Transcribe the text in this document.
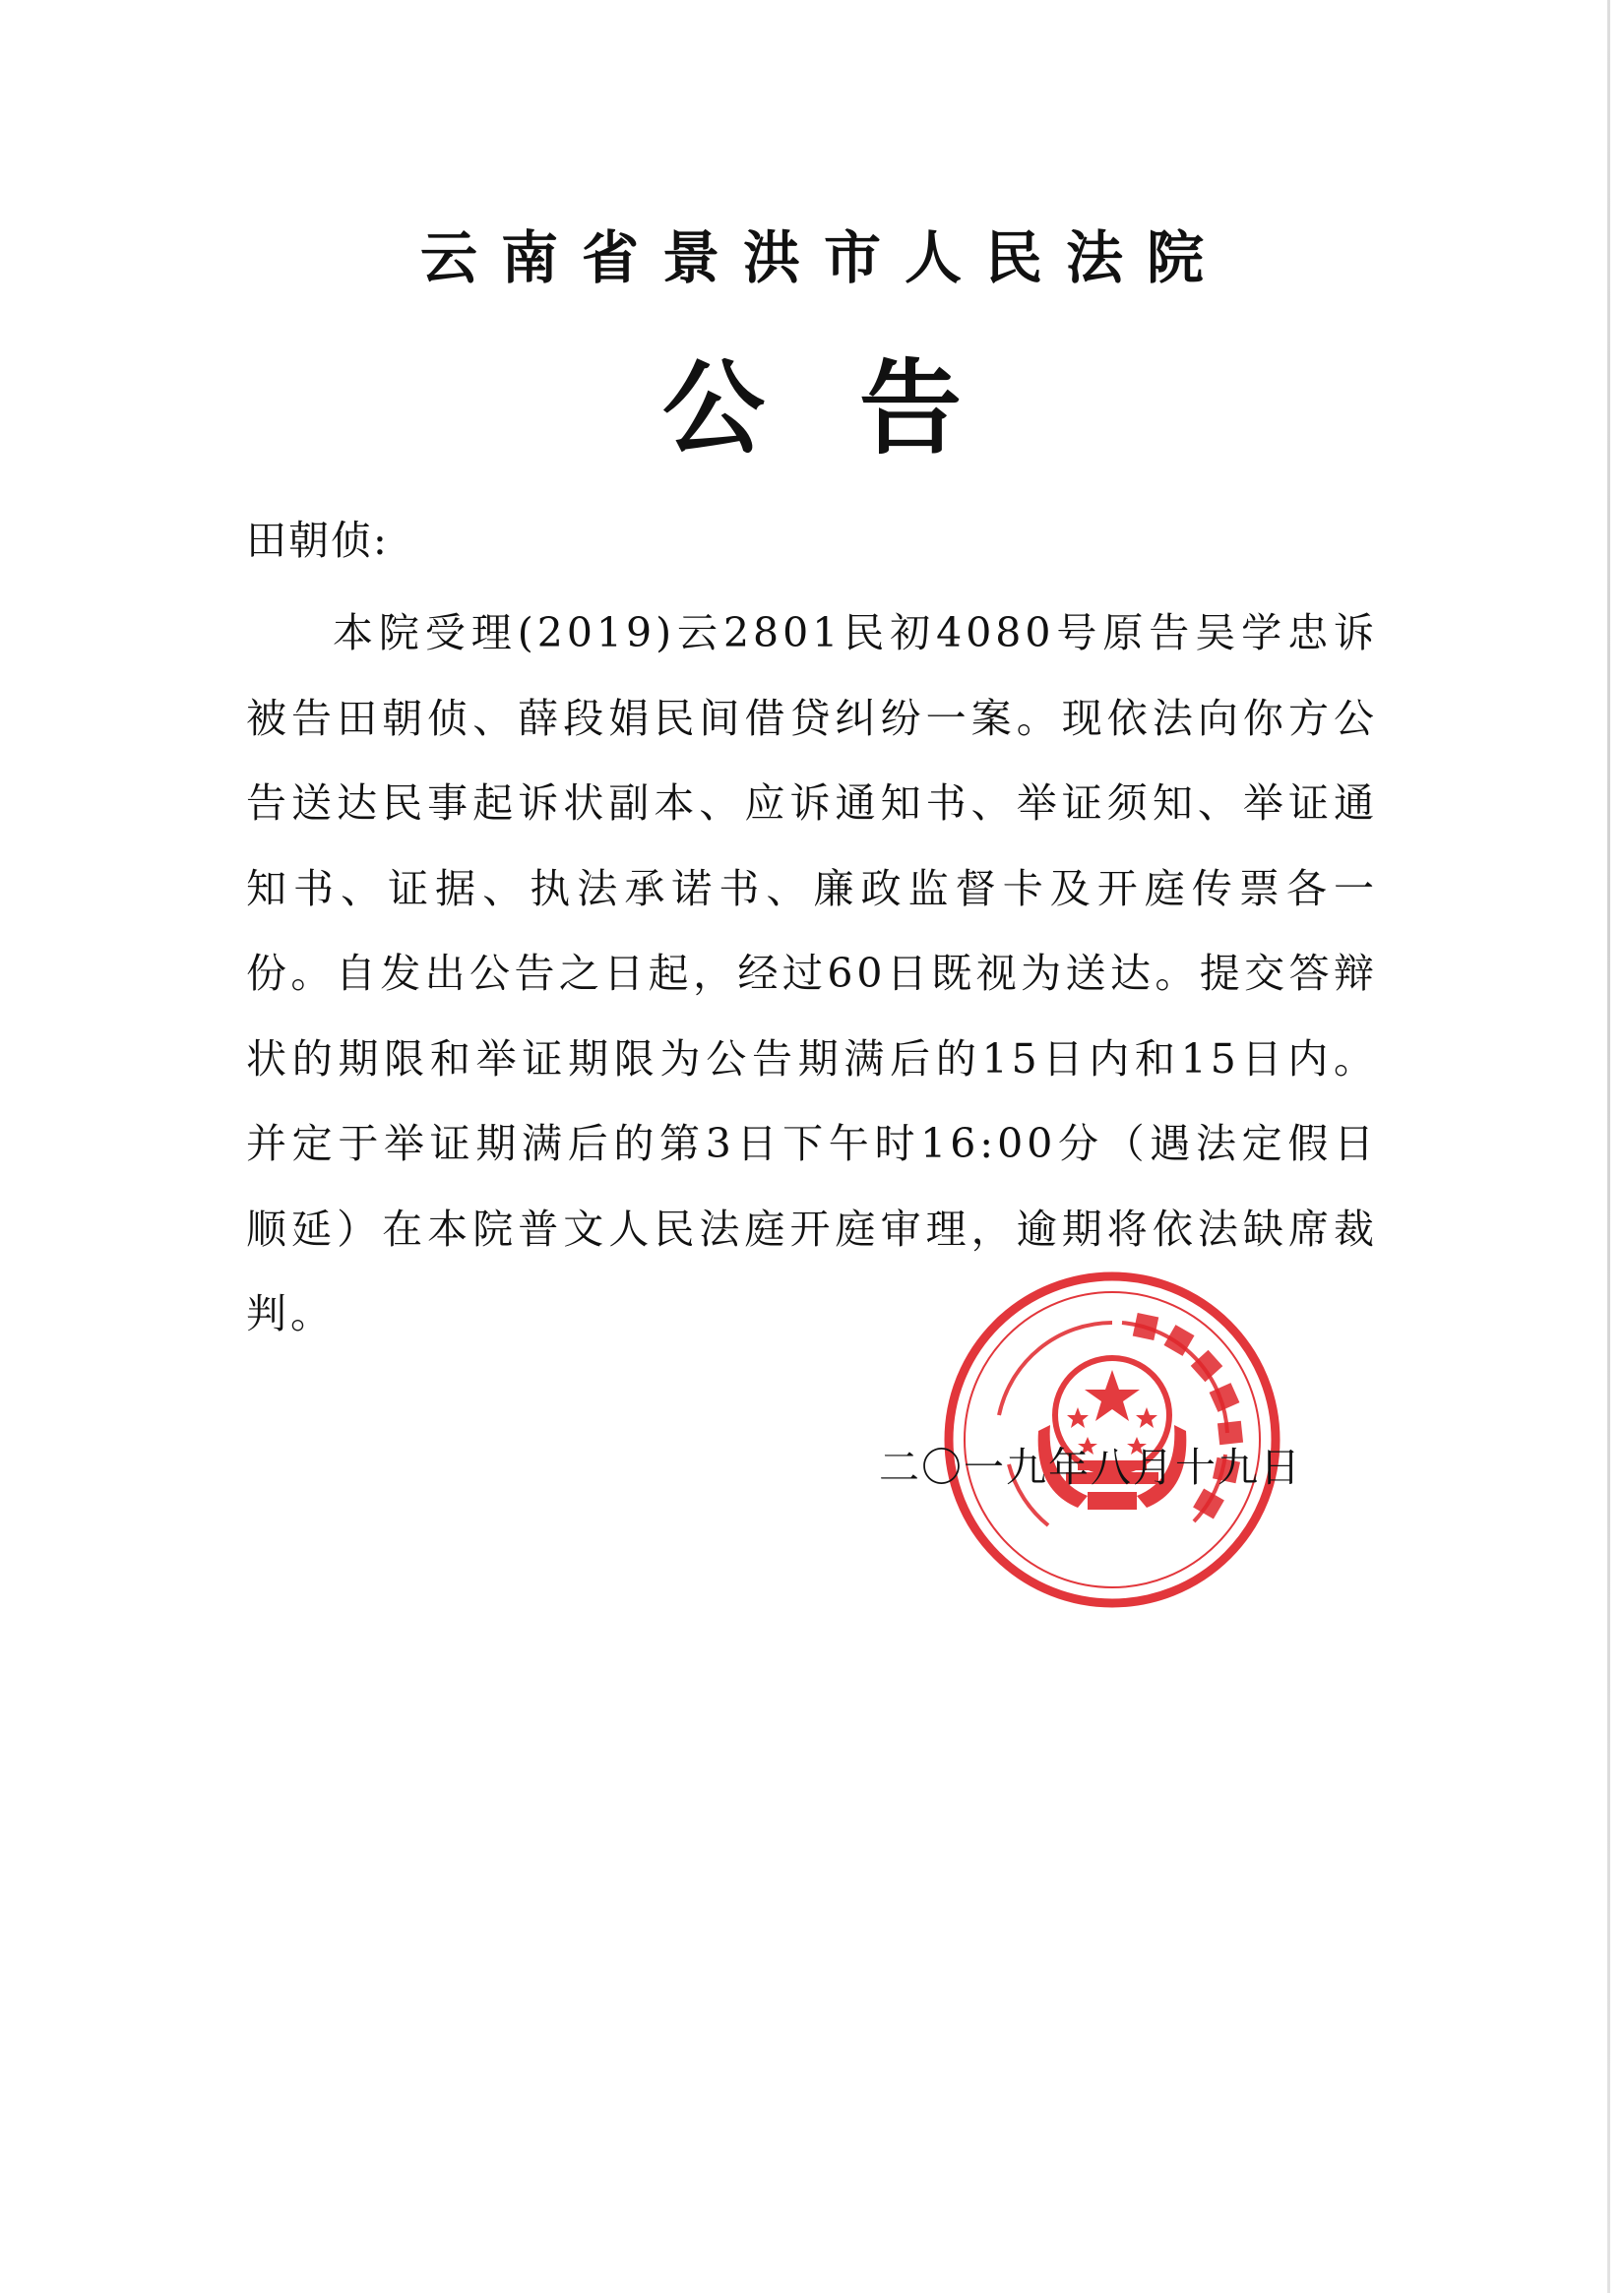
云南省景洪市人民法院
公告
田朝侦:

本院受理(2019)云2801民初4080号原告吴学忠诉被告田朝侦、薛段娟民间借贷纠纷一案。现依法向你方公告送达民事起诉状副本、应诉通知书、举证须知、举证通知书、证据、执法承诺书、廉政监督卡及开庭传票各一份。自发出公告之日起，经过60日既视为送达。提交答辩状的期限和举证期限为公告期满后的15日内和15日内。并定于举证期满后的第3日下午时16:00分（遇法定假日顺延）在本院普文人民法庭开庭审理，逾期将依法缺席裁判。

二〇一九年八月十九日
